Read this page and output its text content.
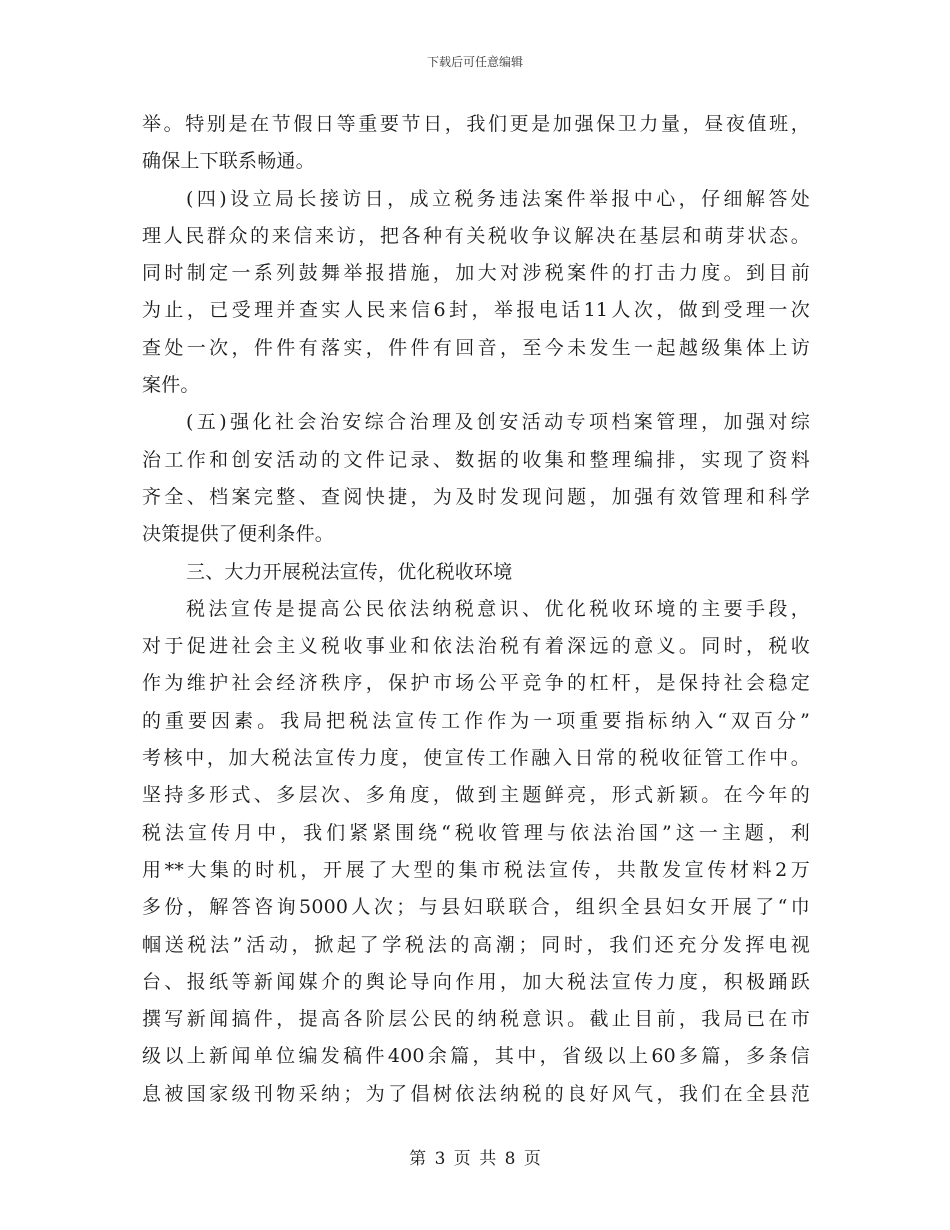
下载后可任意编辑
举。特别是在节假日等重要节日，我们更是加强保卫力量，昼夜值班，
确保上下联系畅通。
(四)设立局长接访日，成立税务违法案件举报中心，仔细解答处
理人民群众的来信来访，把各种有关税收争议解决在基层和萌芽状态。
同时制定一系列鼓舞举报措施，加大对涉税案件的打击力度。到目前
为止，已受理并查实人民来信6封，举报电话11人次，做到受理一次
查处一次，件件有落实，件件有回音，至今未发生一起越级集体上访
案件。
(五)强化社会治安综合治理及创安活动专项档案管理，加强对综
治工作和创安活动的文件记录、数据的收集和整理编排，实现了资料
齐全、档案完整、查阅快捷，为及时发现问题，加强有效管理和科学
决策提供了便利条件。
三、大力开展税法宣传，优化税收环境
税法宣传是提高公民依法纳税意识、优化税收环境的主要手段，
对于促进社会主义税收事业和依法治税有着深远的意义。同时，税收
作为维护社会经济秩序，保护市场公平竞争的杠杆，是保持社会稳定
的重要因素。我局把税法宣传工作作为一项重要指标纳入“双百分”
考核中，加大税法宣传力度，使宣传工作融入日常的税收征管工作中。
坚持多形式、多层次、多角度，做到主题鲜亮，形式新颖。在今年的
税法宣传月中，我们紧紧围绕“税收管理与依法治国”这一主题，利
用**大集的时机，开展了大型的集市税法宣传，共散发宣传材料2万
多份，解答咨询5000人次；与县妇联联合，组织全县妇女开展了“巾
帼送税法”活动，掀起了学税法的高潮；同时，我们还充分发挥电视
台、报纸等新闻媒介的舆论导向作用，加大税法宣传力度，积极踊跃
撰写新闻搞件，提高各阶层公民的纳税意识。截止目前，我局已在市
级以上新闻单位编发稿件400余篇，其中，省级以上60多篇，多条信
息被国家级刊物采纳；为了倡树依法纳税的良好风气，我们在全县范
第 3 页 共 8 页
